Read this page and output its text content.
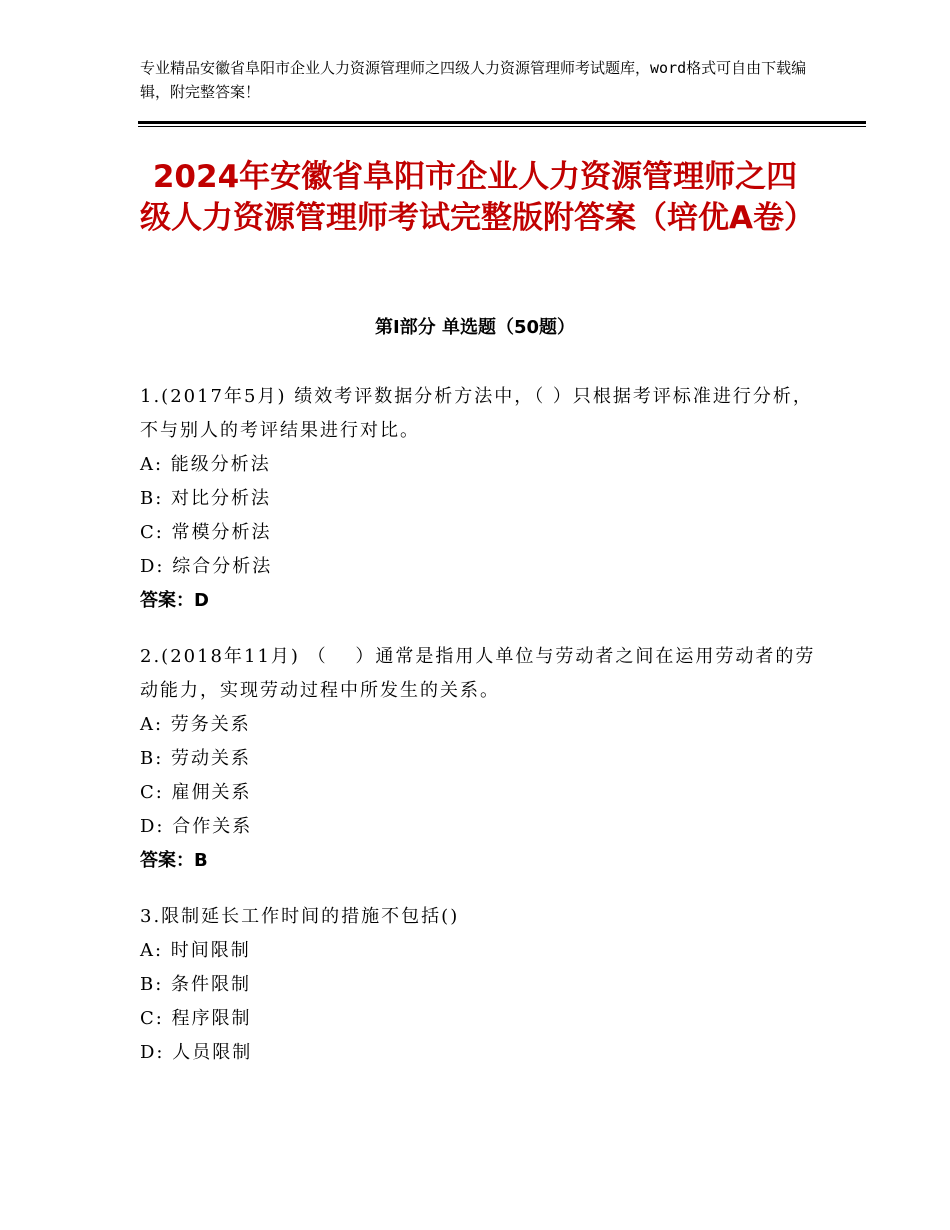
专业精品安徽省阜阳市企业人力资源管理师之四级人力资源管理师考试题库，word格式可自由下载编辑，附完整答案！
2024年安徽省阜阳市企业人力资源管理师之四级人力资源管理师考试完整版附答案（培优A卷）
第Ⅰ部分 单选题（50题）

1.(2017年5月) 绩效考评数据分析方法中，（ ）只根据考评标准进行分析，不与别人的考评结果进行对比。

A: 能级分析法

B: 对比分析法

C: 常模分析法

D: 综合分析法

答案：D

2.(2018年11月) （　 ）通常是指用人单位与劳动者之间在运用劳动者的劳动能力，实现劳动过程中所发生的关系。

A: 劳务关系

B: 劳动关系

C: 雇佣关系

D: 合作关系

答案：B

3.限制延长工作时间的措施不包括()

A: 时间限制

B: 条件限制

C: 程序限制

D: 人员限制
